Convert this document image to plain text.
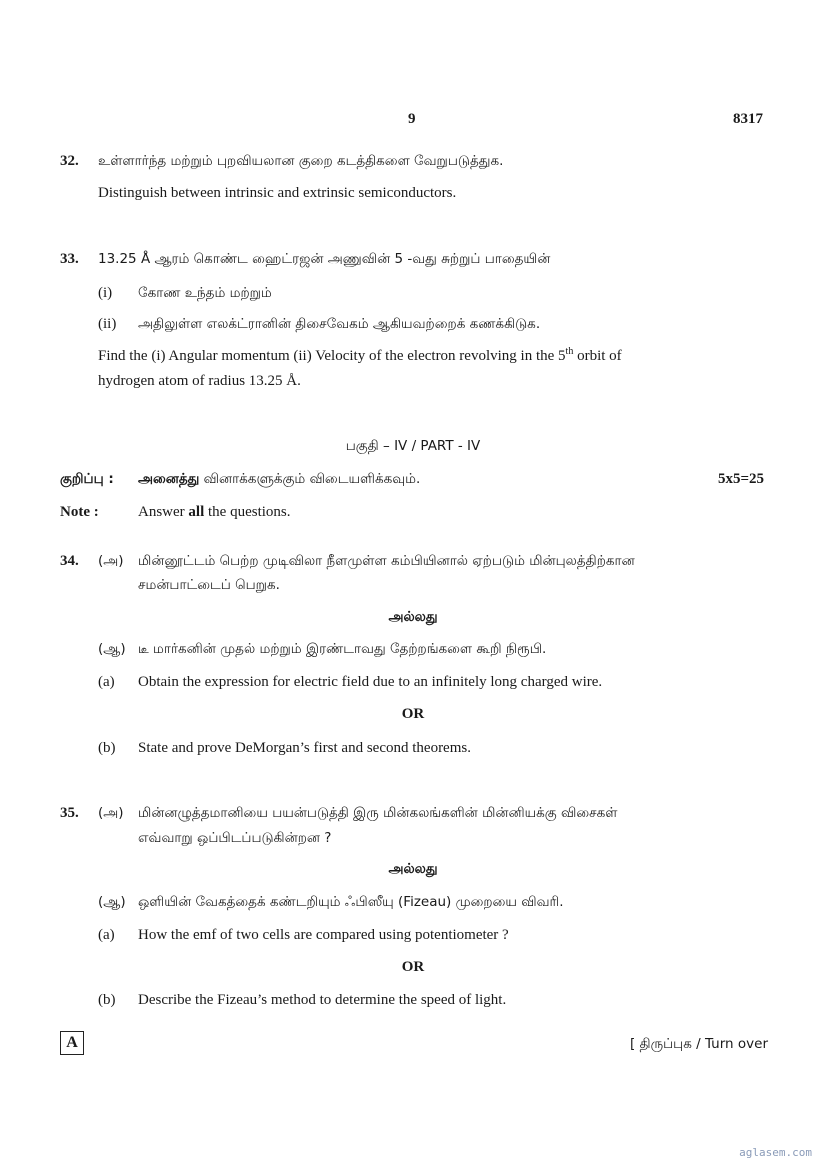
9	8317
32. உள்ளார்ந்த மற்றும் புறவியலான குறை கடத்திகளை வேறுபடுத்துக.
Distinguish between intrinsic and extrinsic semiconductors.
33. 13.25 Å ஆரம் கொண்ட ஹைட்ரஜன் அணுவின் 5 -வது சுற்றுப் பாதையின்
(i) கோண உந்தம் மற்றும்
(ii) அதிலுள்ள எலக்ட்ரானின் திசைவேகம் ஆகியவற்றைக் கணக்கிடுக.
Find the (i) Angular momentum (ii) Velocity of the electron revolving in the 5th orbit of
hydrogen atom of radius 13.25 Å.
பகுதி – IV / PART - IV
குறிப்பு : அனைத்து வினாக்களுக்கும் விடையளிக்கவும்.	5x5=25
Note :	Answer all the questions.
34. (அ) மின்னூட்டம் பெற்ற முடிவிலா நீளமுள்ள கம்பியினால் ஏற்படும் மின்புலத்திற்கான
சமன்பாட்டைப் பெறுக.
அல்லது
(ஆ) டீ மார்கனின் முதல் மற்றும் இரண்டாவது தேற்றங்களை கூறி நிரூபி.
(a) Obtain the expression for electric field due to an infinitely long charged wire.
OR
(b) State and prove DeMorgan’s first and second theorems.
35. (அ) மின்னழுத்தமானியை பயன்படுத்தி இரு மின்கலங்களின் மின்னியக்கு விசைகள்
எவ்வாறு ஒப்பிடப்படுகின்றன ?
அல்லது
(ஆ) ஒளியின் வேகத்தைக் கண்டறியும் ஃபிஸீயு (Fizeau) முறையை விவரி.
(a) How the emf of two cells are compared using potentiometer ?
OR
(b) Describe the Fizeau’s method to determine the speed of light.
A	[ திருப்புக / Turn over
aglasem.com
